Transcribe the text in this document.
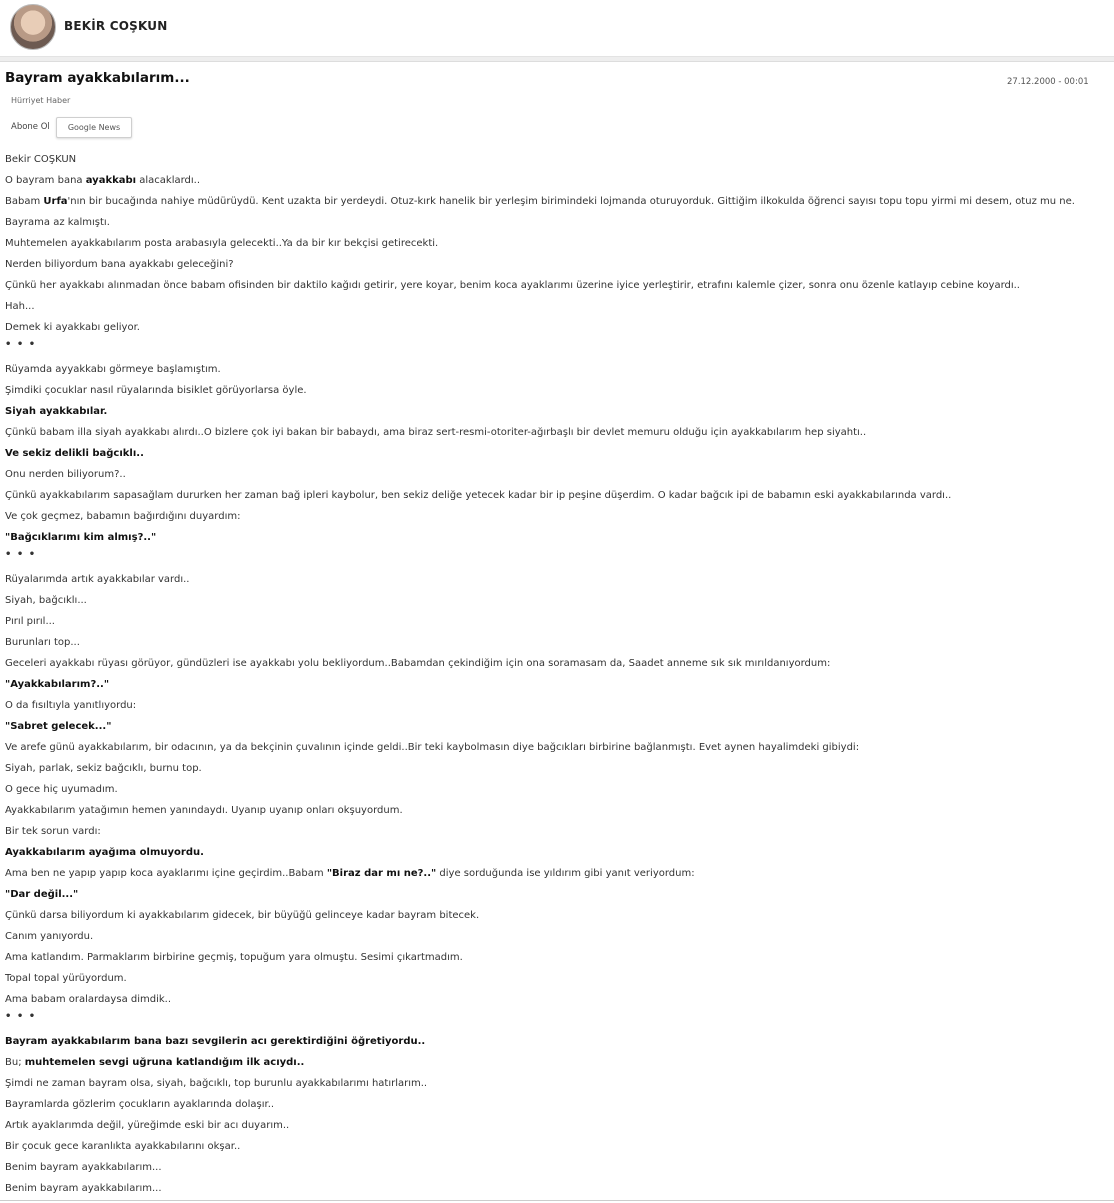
BEKİR COŞKUN
Bayram ayakkabılarım...	27.12.2000 - 00:01
Hürriyet Haber
Abone Ol Google News
Bekir COŞKUN
O bayram bana ayakkabı alacaklardı..
Babam Urfa'nın bir bucağında nahiye müdürüydü. Kent uzakta bir yerdeydi. Otuz-kırk hanelik bir yerleşim birimindeki lojmanda oturuyorduk. Gittiğim ilkokulda öğrenci sayısı topu topu yirmi mi desem, otuz mu ne.
Bayrama az kalmıştı.
Muhtemelen ayakkabılarım posta arabasıyla gelecekti..Ya da bir kır bekçisi getirecekti.
Nerden biliyordum bana ayakkabı geleceğini?
Çünkü her ayakkabı alınmadan önce babam ofisinden bir daktilo kağıdı getirir, yere koyar, benim koca ayaklarımı üzerine iyice yerleştirir, etrafını kalemle çizer, sonra onu özenle katlayıp cebine koyardı..
Hah...
Demek ki ayakkabı geliyor.
• • •
Rüyamda ayyakkabı görmeye başlamıştım.
Şimdiki çocuklar nasıl rüyalarında bisiklet görüyorlarsa öyle.
Siyah ayakkabılar.
Çünkü babam illa siyah ayakkabı alırdı..O bizlere çok iyi bakan bir babaydı, ama biraz sert-resmi-otoriter-ağırbaşlı bir devlet memuru olduğu için ayakkabılarım hep siyahtı..
Ve sekiz delikli bağcıklı..
Onu nerden biliyorum?..
Çünkü ayakkabılarım sapasağlam dururken her zaman bağ ipleri kaybolur, ben sekiz deliğe yetecek kadar bir ip peşine düşerdim. O kadar bağcık ipi de babamın eski ayakkabılarında vardı..
Ve çok geçmez, babamın bağırdığını duyardım:
"Bağcıklarımı kim almış?.."
• • •
Rüyalarımda artık ayakkabılar vardı..
Siyah, bağcıklı...
Pırıl pırıl...
Burunları top...
Geceleri ayakkabı rüyası görüyor, gündüzleri ise ayakkabı yolu bekliyordum..Babamdan çekindiğim için ona soramasam da, Saadet anneme sık sık mırıldanıyordum:
"Ayakkabılarım?.."
O da fısıltıyla yanıtlıyordu:
"Sabret gelecek..."
Ve arefe günü ayakkabılarım, bir odacının, ya da bekçinin çuvalının içinde geldi..Bir teki kaybolmasın diye bağcıkları birbirine bağlanmıştı. Evet aynen hayalimdeki gibiydi:
Siyah, parlak, sekiz bağcıklı, burnu top.
O gece hiç uyumadım.
Ayakkabılarım yatağımın hemen yanındaydı. Uyanıp uyanıp onları okşuyordum.
Bir tek sorun vardı:
Ayakkabılarım ayağıma olmuyordu.
Ama ben ne yapıp yapıp koca ayaklarımı içine geçirdim..Babam "Biraz dar mı ne?.." diye sorduğunda ise yıldırım gibi yanıt veriyordum:
"Dar değil..."
Çünkü darsa biliyordum ki ayakkabılarım gidecek, bir büyüğü gelinceye kadar bayram bitecek.
Canım yanıyordu.
Ama katlandım. Parmaklarım birbirine geçmiş, topuğum yara olmuştu. Sesimi çıkartmadım.
Topal topal yürüyordum.
Ama babam oralardaysa dimdik..
• • •
Bayram ayakkabılarım bana bazı sevgilerin acı gerektirdiğini öğretiyordu..
Bu; muhtemelen sevgi uğruna katlandığım ilk acıydı..
Şimdi ne zaman bayram olsa, siyah, bağcıklı, top burunlu ayakkabılarımı hatırlarım..
Bayramlarda gözlerim çocukların ayaklarında dolaşır..
Artık ayaklarımda değil, yüreğimde eski bir acı duyarım..
Bir çocuk gece karanlıkta ayakkabılarını okşar..
Benim bayram ayakkabılarım...
Benim bayram ayakkabılarım...
